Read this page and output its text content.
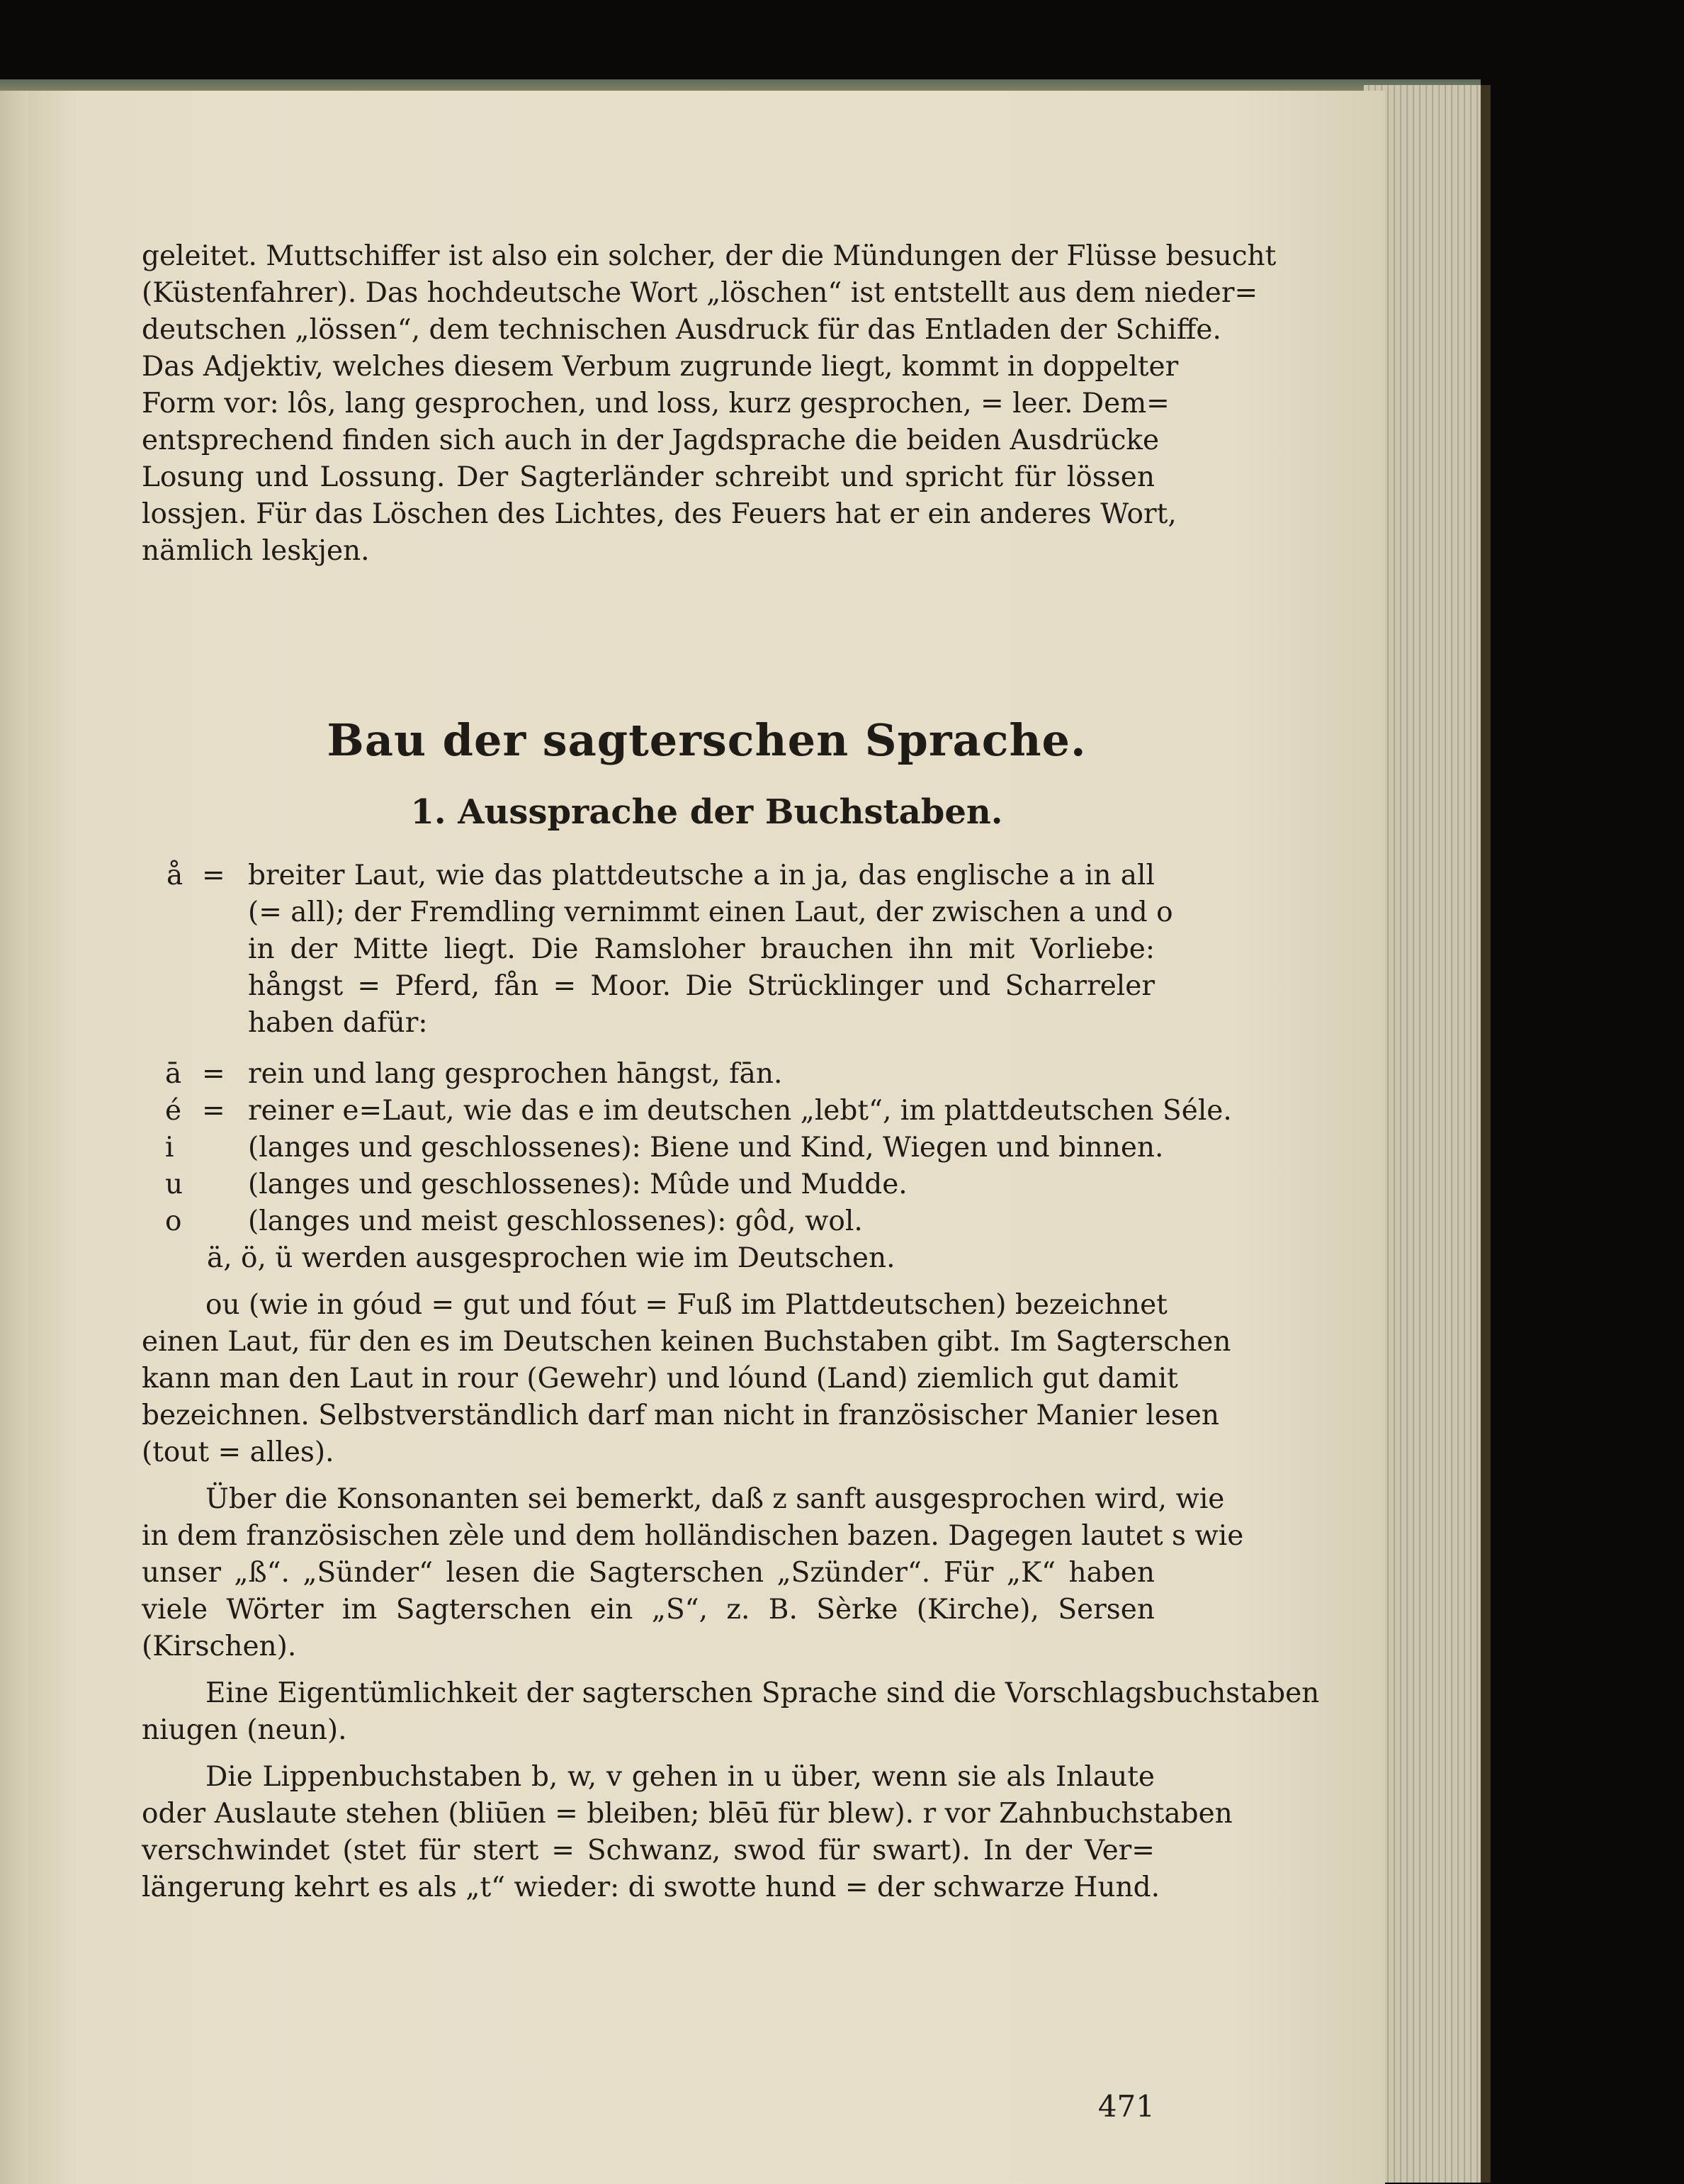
geleitet. Muttschiffer ist also ein solcher, der die Mündungen der Flüsse besucht
(Küstenfahrer). Das hochdeutsche Wort „löschen“ ist entstellt aus dem nieder=
deutschen „lössen“, dem technischen Ausdruck für das Entladen der Schiffe.
Das Adjektiv, welches diesem Verbum zugrunde liegt, kommt in doppelter
Form vor: lôs, lang gesprochen, und loss, kurz gesprochen, = leer. Dem=
entsprechend finden sich auch in der Jagdsprache die beiden Ausdrücke
Losung und Lossung. Der Sagterländer schreibt und spricht für lössen
lossjen. Für das Löschen des Lichtes, des Feuers hat er ein anderes Wort,
nämlich leskjen.
Bau der sagterschen Sprache.
1. Aussprache der Buchstaben.
å = breiter Laut, wie das plattdeutsche a in ja, das englische a in all
(= all); der Fremdling vernimmt einen Laut, der zwischen a und o
in der Mitte liegt. Die Ramsloher brauchen ihn mit Vorliebe:
hångst = Pferd, fån = Moor. Die Strücklinger und Scharreler
haben dafür:
ā = rein und lang gesprochen hāngst, fān.
é = reiner e=Laut, wie das e im deutschen „lebt“, im plattdeutschen Séle.
i	(langes und geschlossenes): Biene und Kind, Wiegen und binnen.
u	(langes und geschlossenes): Mûde und Mudde.
o	(langes und meist geschlossenes): gôd, wol.
ä, ö, ü werden ausgesprochen wie im Deutschen.
ou (wie in góud = gut und fóut = Fuß im Plattdeutschen) bezeichnet
einen Laut, für den es im Deutschen keinen Buchstaben gibt. Im Sagterschen
kann man den Laut in rour (Gewehr) und lóund (Land) ziemlich gut damit
bezeichnen. Selbstverständlich darf man nicht in französischer Manier lesen
(tout = alles).
Über die Konsonanten sei bemerkt, daß z sanft ausgesprochen wird, wie
in dem französischen zèle und dem holländischen bazen. Dagegen lautet s wie
unser „ß“. „Sünder“ lesen die Sagterschen „Szünder“. Für „K“ haben
viele Wörter im Sagterschen ein „S“, z. B. Sèrke (Kirche), Sersen
(Kirschen).
Eine Eigentümlichkeit der sagterschen Sprache sind die Vorschlagsbuchstaben
niugen (neun).
Die Lippenbuchstaben b, w, v gehen in u über, wenn sie als Inlaute
oder Auslaute stehen (bliūen = bleiben; blēū für blew). r vor Zahnbuchstaben
verschwindet (stet für stert = Schwanz, swod für swart). In der Ver=
längerung kehrt es als „t“ wieder: di swotte hund = der schwarze Hund.
471
